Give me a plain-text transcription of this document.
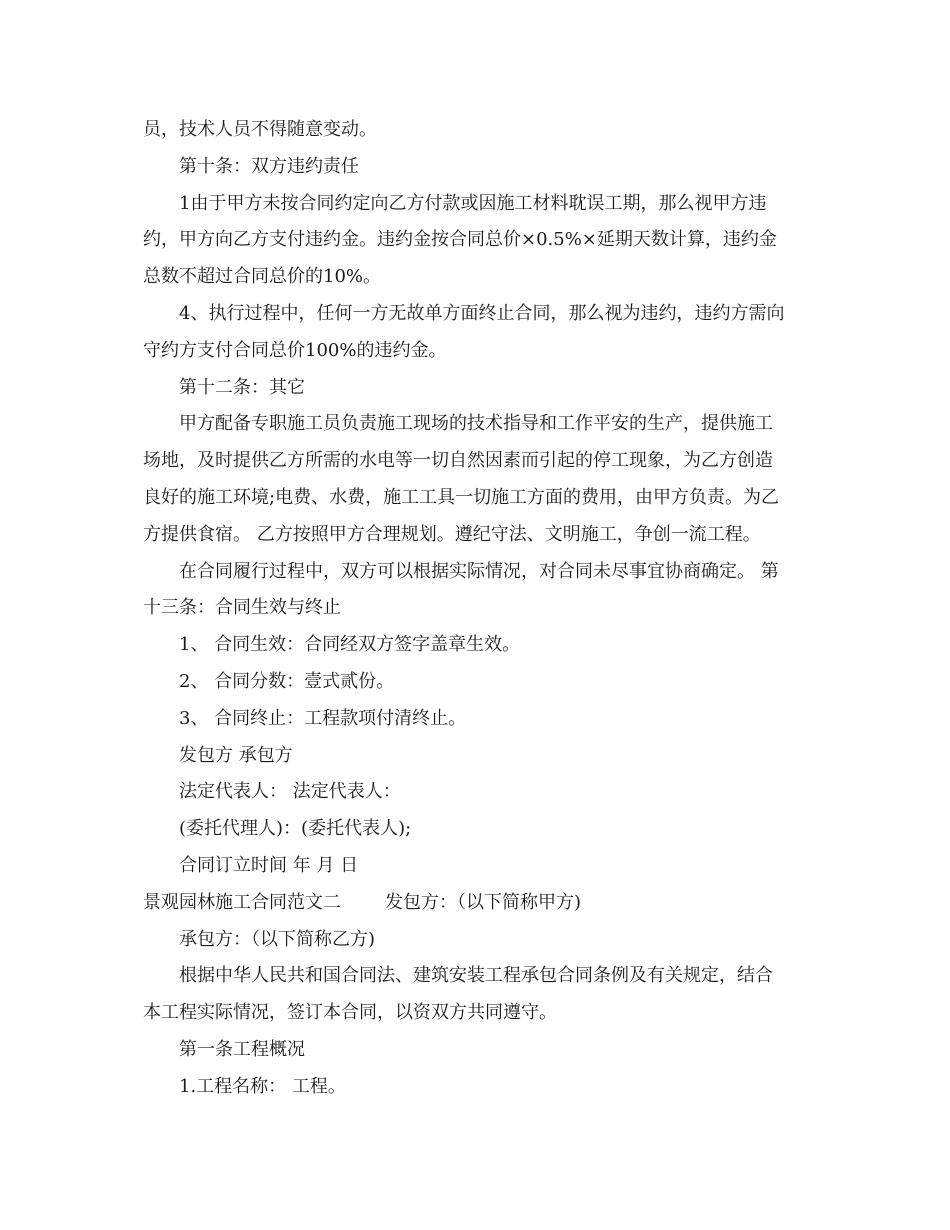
员，技术人员不得随意变动。
第十条：双方违约责任
1由于甲方未按合同约定向乙方付款或因施工材料耽误工期，那么视甲方违
约，甲方向乙方支付违约金。违约金按合同总价×0.5%×延期天数计算，违约金
总数不超过合同总价的10%。
4、执行过程中，任何一方无故单方面终止合同，那么视为违约，违约方需向
守约方支付合同总价100%的违约金。
第十二条：其它
甲方配备专职施工员负责施工现场的技术指导和工作平安的生产，提供施工
场地，及时提供乙方所需的水电等一切自然因素而引起的停工现象，为乙方创造
良好的施工环境;电费、水费，施工工具一切施工方面的费用，由甲方负责。为乙
方提供食宿。 乙方按照甲方合理规划。遵纪守法、文明施工，争创一流工程。
在合同履行过程中，双方可以根据实际情况，对合同未尽事宜协商确定。 第
十三条：合同生效与终止
1、 合同生效：合同经双方签字盖章生效。
2、 合同分数：壹式贰份。
3、 合同终止：工程款项付清终止。
发包方 承包方
法定代表人： 法定代表人：
(委托代理人)：(委托代表人);
合同订立时间 年 月 日
景观园林施工合同范文二 发包方：（以下简称甲方)
承包方：（以下简称乙方)
根据中华人民共和国合同法、建筑安装工程承包合同条例及有关规定，结合
本工程实际情况，签订本合同，以资双方共同遵守。
第一条工程概况
1.工程名称： 工程。
